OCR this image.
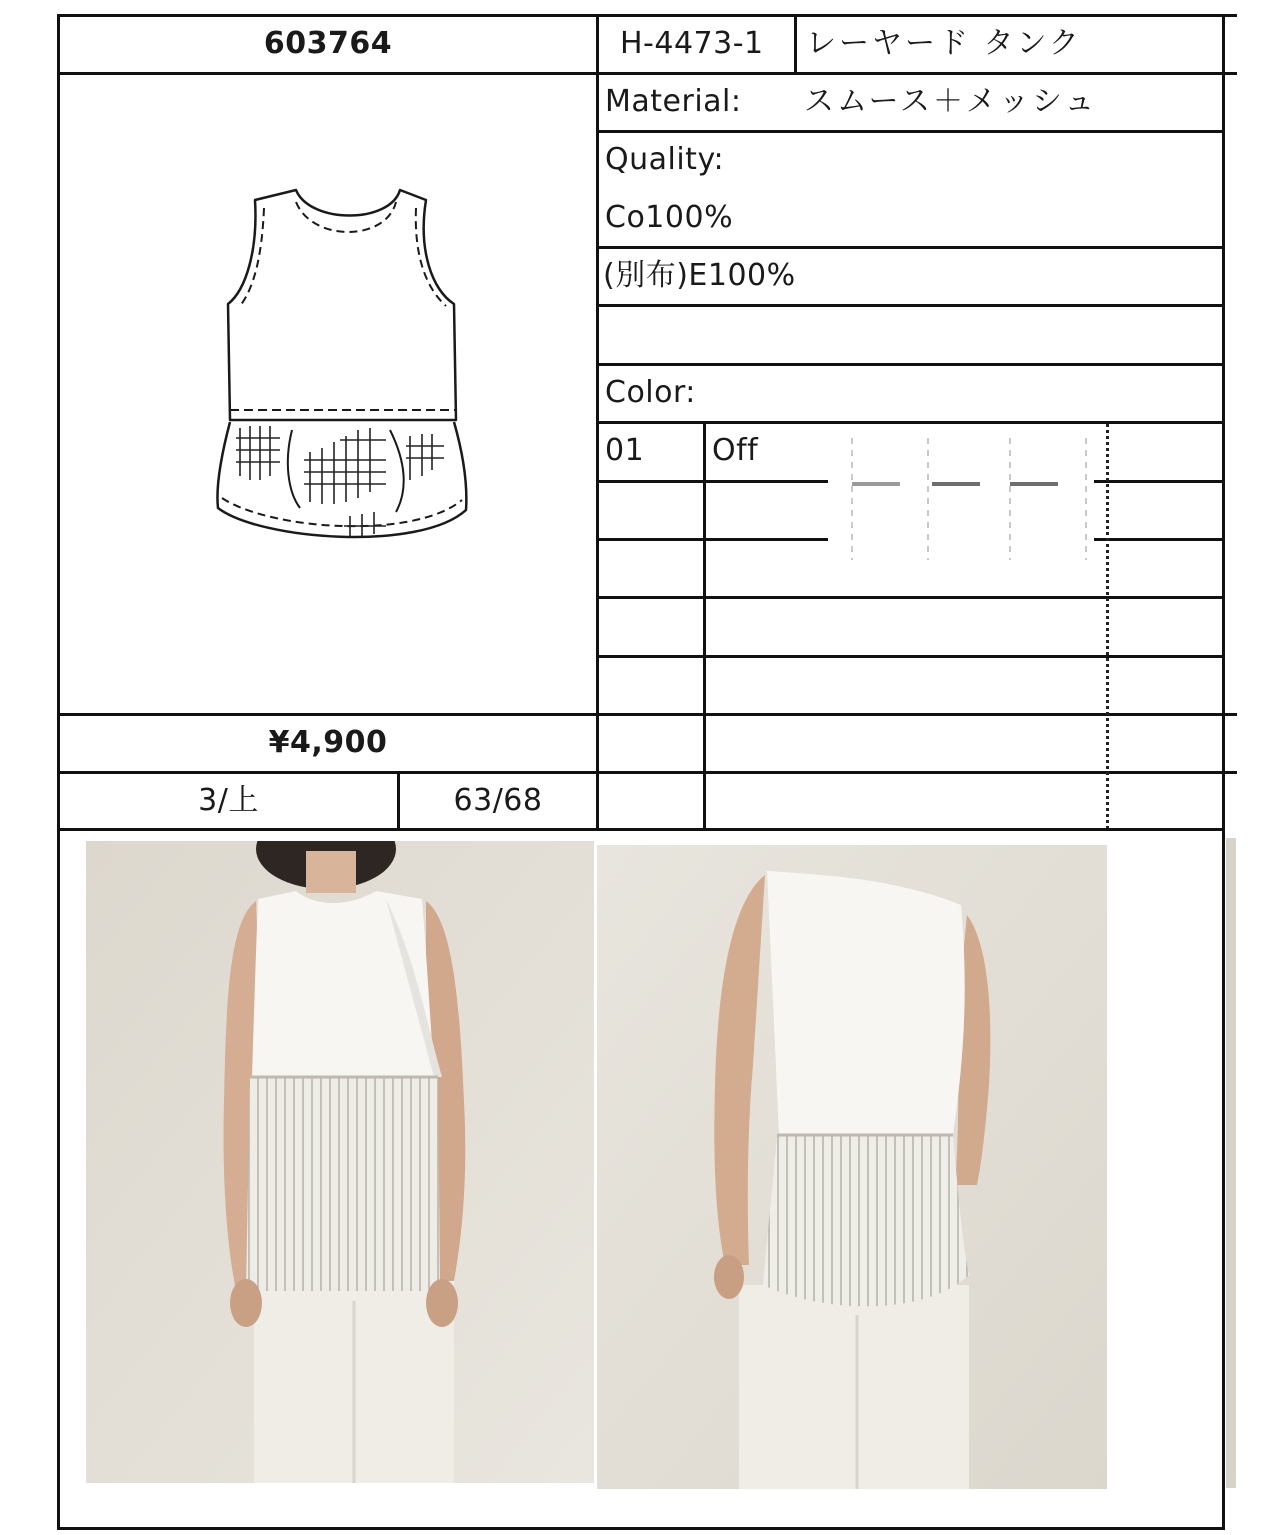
603764	H-4473-1 レーヤード タンク
Material: スムース＋メッシュ
Quality:
Co100%
(別布)E100%
Color:
01 Off
¥4,900
3/上	63/68
